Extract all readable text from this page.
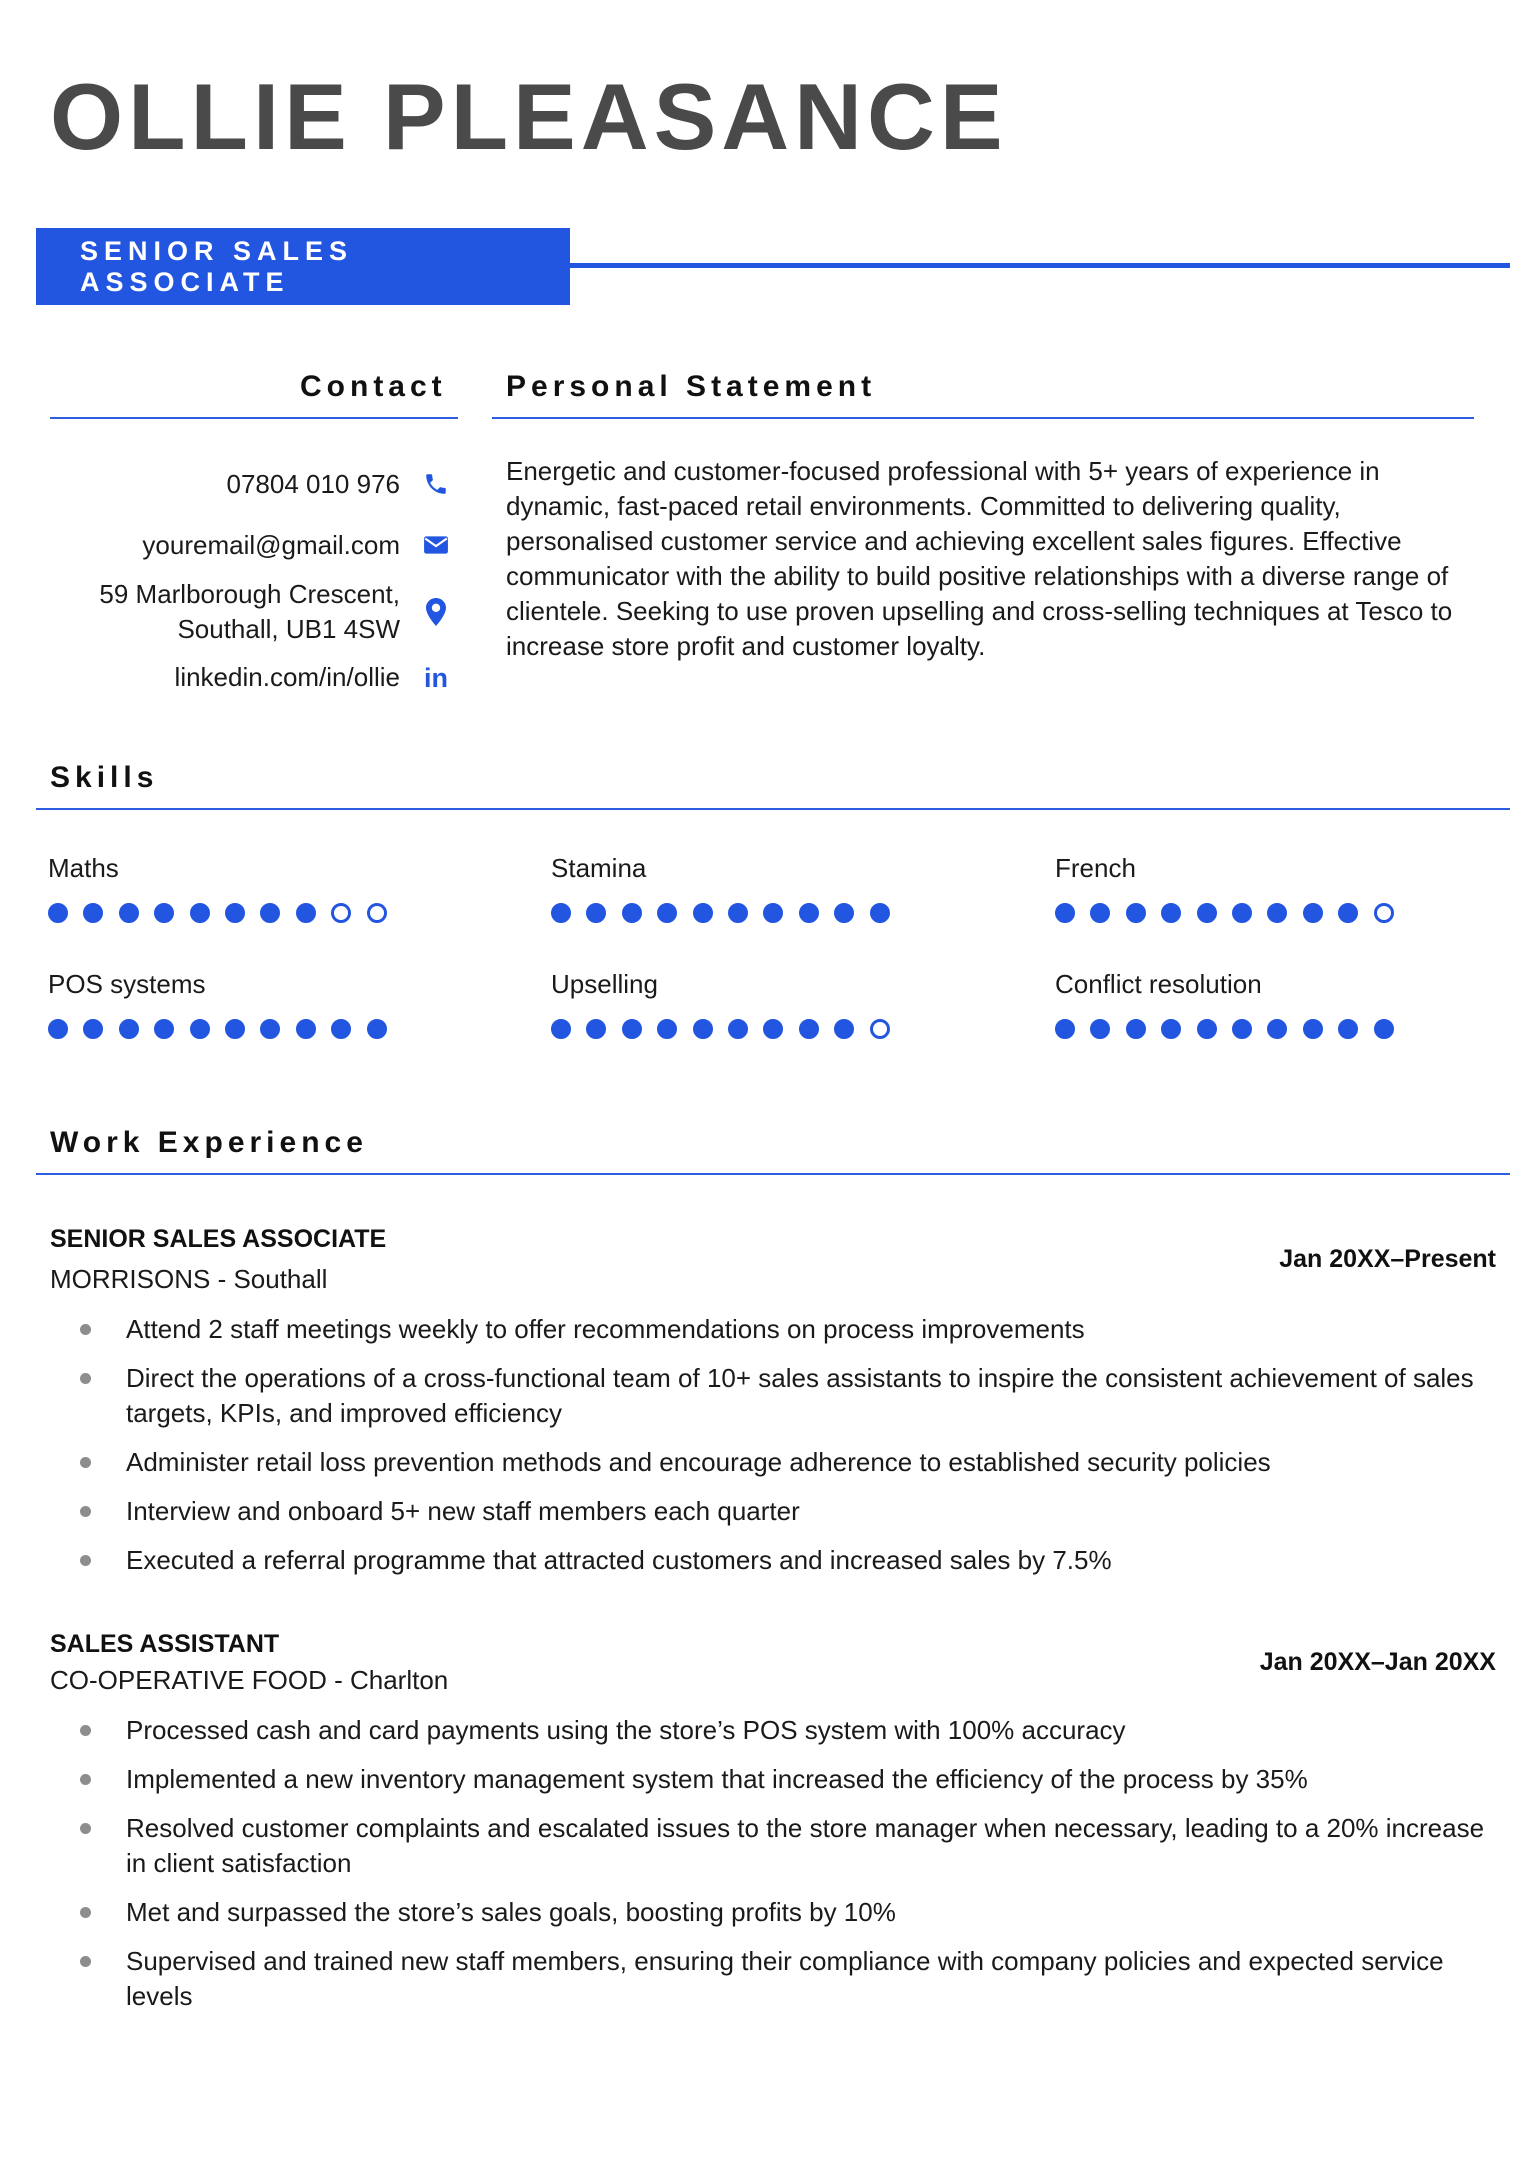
OLLIE PLEASANCE
SENIOR SALES ASSOCIATE
Contact
07804 010 976
youremail@gmail.com
59 Marlborough Crescent,
Southall, UB1 4SW
linkedin.com/in/ollie in
Personal Statement

Energetic and customer-focused professional with 5+ years of experience in dynamic, fast-paced retail environments. Committed to delivering quality, personalised customer service and achieving excellent sales figures. Effective communicator with the ability to build positive relationships with a diverse range of clientele. Seeking to use proven upselling and cross-selling techniques at Tesco to increase store profit and customer loyalty.

Skills
Maths	Stamina	French
POS systems	Upselling	Conflict resolution
Work Experience
SENIOR SALES ASSOCIATE
MORRISONS - Southall
Jan 20XX–Present
Attend 2 staff meetings weekly to offer recommendations on process improvements
Direct the operations of a cross-functional team of 10+ sales assistants to inspire the consistent achievement of sales targets, KPIs, and improved efficiency
Administer retail loss prevention methods and encourage adherence to established security policies
Interview and onboard 5+ new staff members each quarter
Executed a referral programme that attracted customers and increased sales by 7.5%
SALES ASSISTANT
CO-OPERATIVE FOOD - Charlton
Jan 20XX–Jan 20XX
Processed cash and card payments using the store’s POS system with 100% accuracy
Implemented a new inventory management system that increased the efficiency of the process by 35%
Resolved customer complaints and escalated issues to the store manager when necessary, leading to a 20% increase in client satisfaction
Met and surpassed the store’s sales goals, boosting profits by 10%
Supervised and trained new staff members, ensuring their compliance with company policies and expected service levels
